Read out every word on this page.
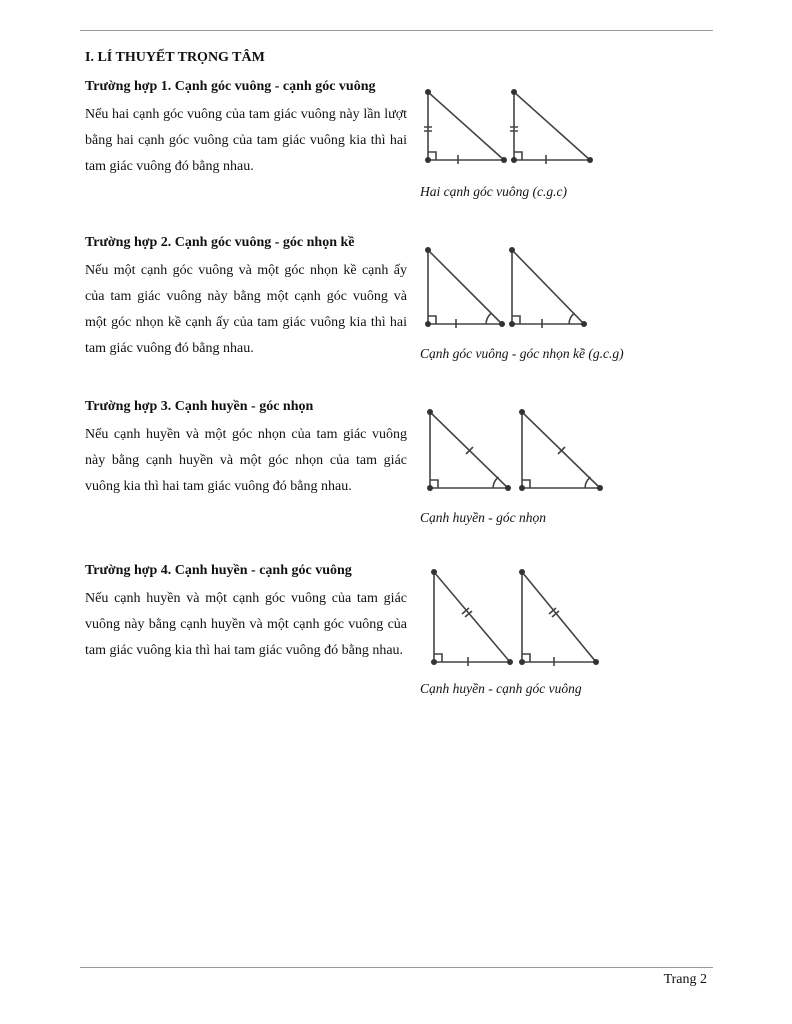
I. LÍ THUYẾT TRỌNG TÂM
Trường hợp 1. Cạnh góc vuông - cạnh góc vuông

Nếu hai cạnh góc vuông của tam giác vuông này lần lượt bằng hai cạnh góc vuông của tam giác vuông kia thì hai tam giác vuông đó bằng nhau.

Hai cạnh góc vuông (c.g.c)
Trường hợp 2. Cạnh góc vuông - góc nhọn kề

Nếu một cạnh góc vuông và một góc nhọn kề cạnh ấy của tam giác vuông này bằng một cạnh góc vuông và một góc nhọn kề cạnh ấy của tam giác vuông kia thì hai tam giác vuông đó bằng nhau.	Cạnh góc vuông - góc nhọn kề (g.c.g)
Trường hợp 3. Cạnh huyền - góc nhọn

Nếu cạnh huyền và một góc nhọn của tam giác vuông này bằng cạnh huyền và một góc nhọn của tam giác vuông kia thì hai tam giác vuông đó bằng nhau.

Cạnh huyền - góc nhọn
Trường hợp 4. Cạnh huyền - cạnh góc vuông

Nếu cạnh huyền và một cạnh góc vuông của tam giác vuông này bằng cạnh huyền và một cạnh góc vuông của tam giác vuông kia thì hai tam giác vuông đó bằng nhau.

Cạnh huyền - cạnh góc vuông
Trang 2
